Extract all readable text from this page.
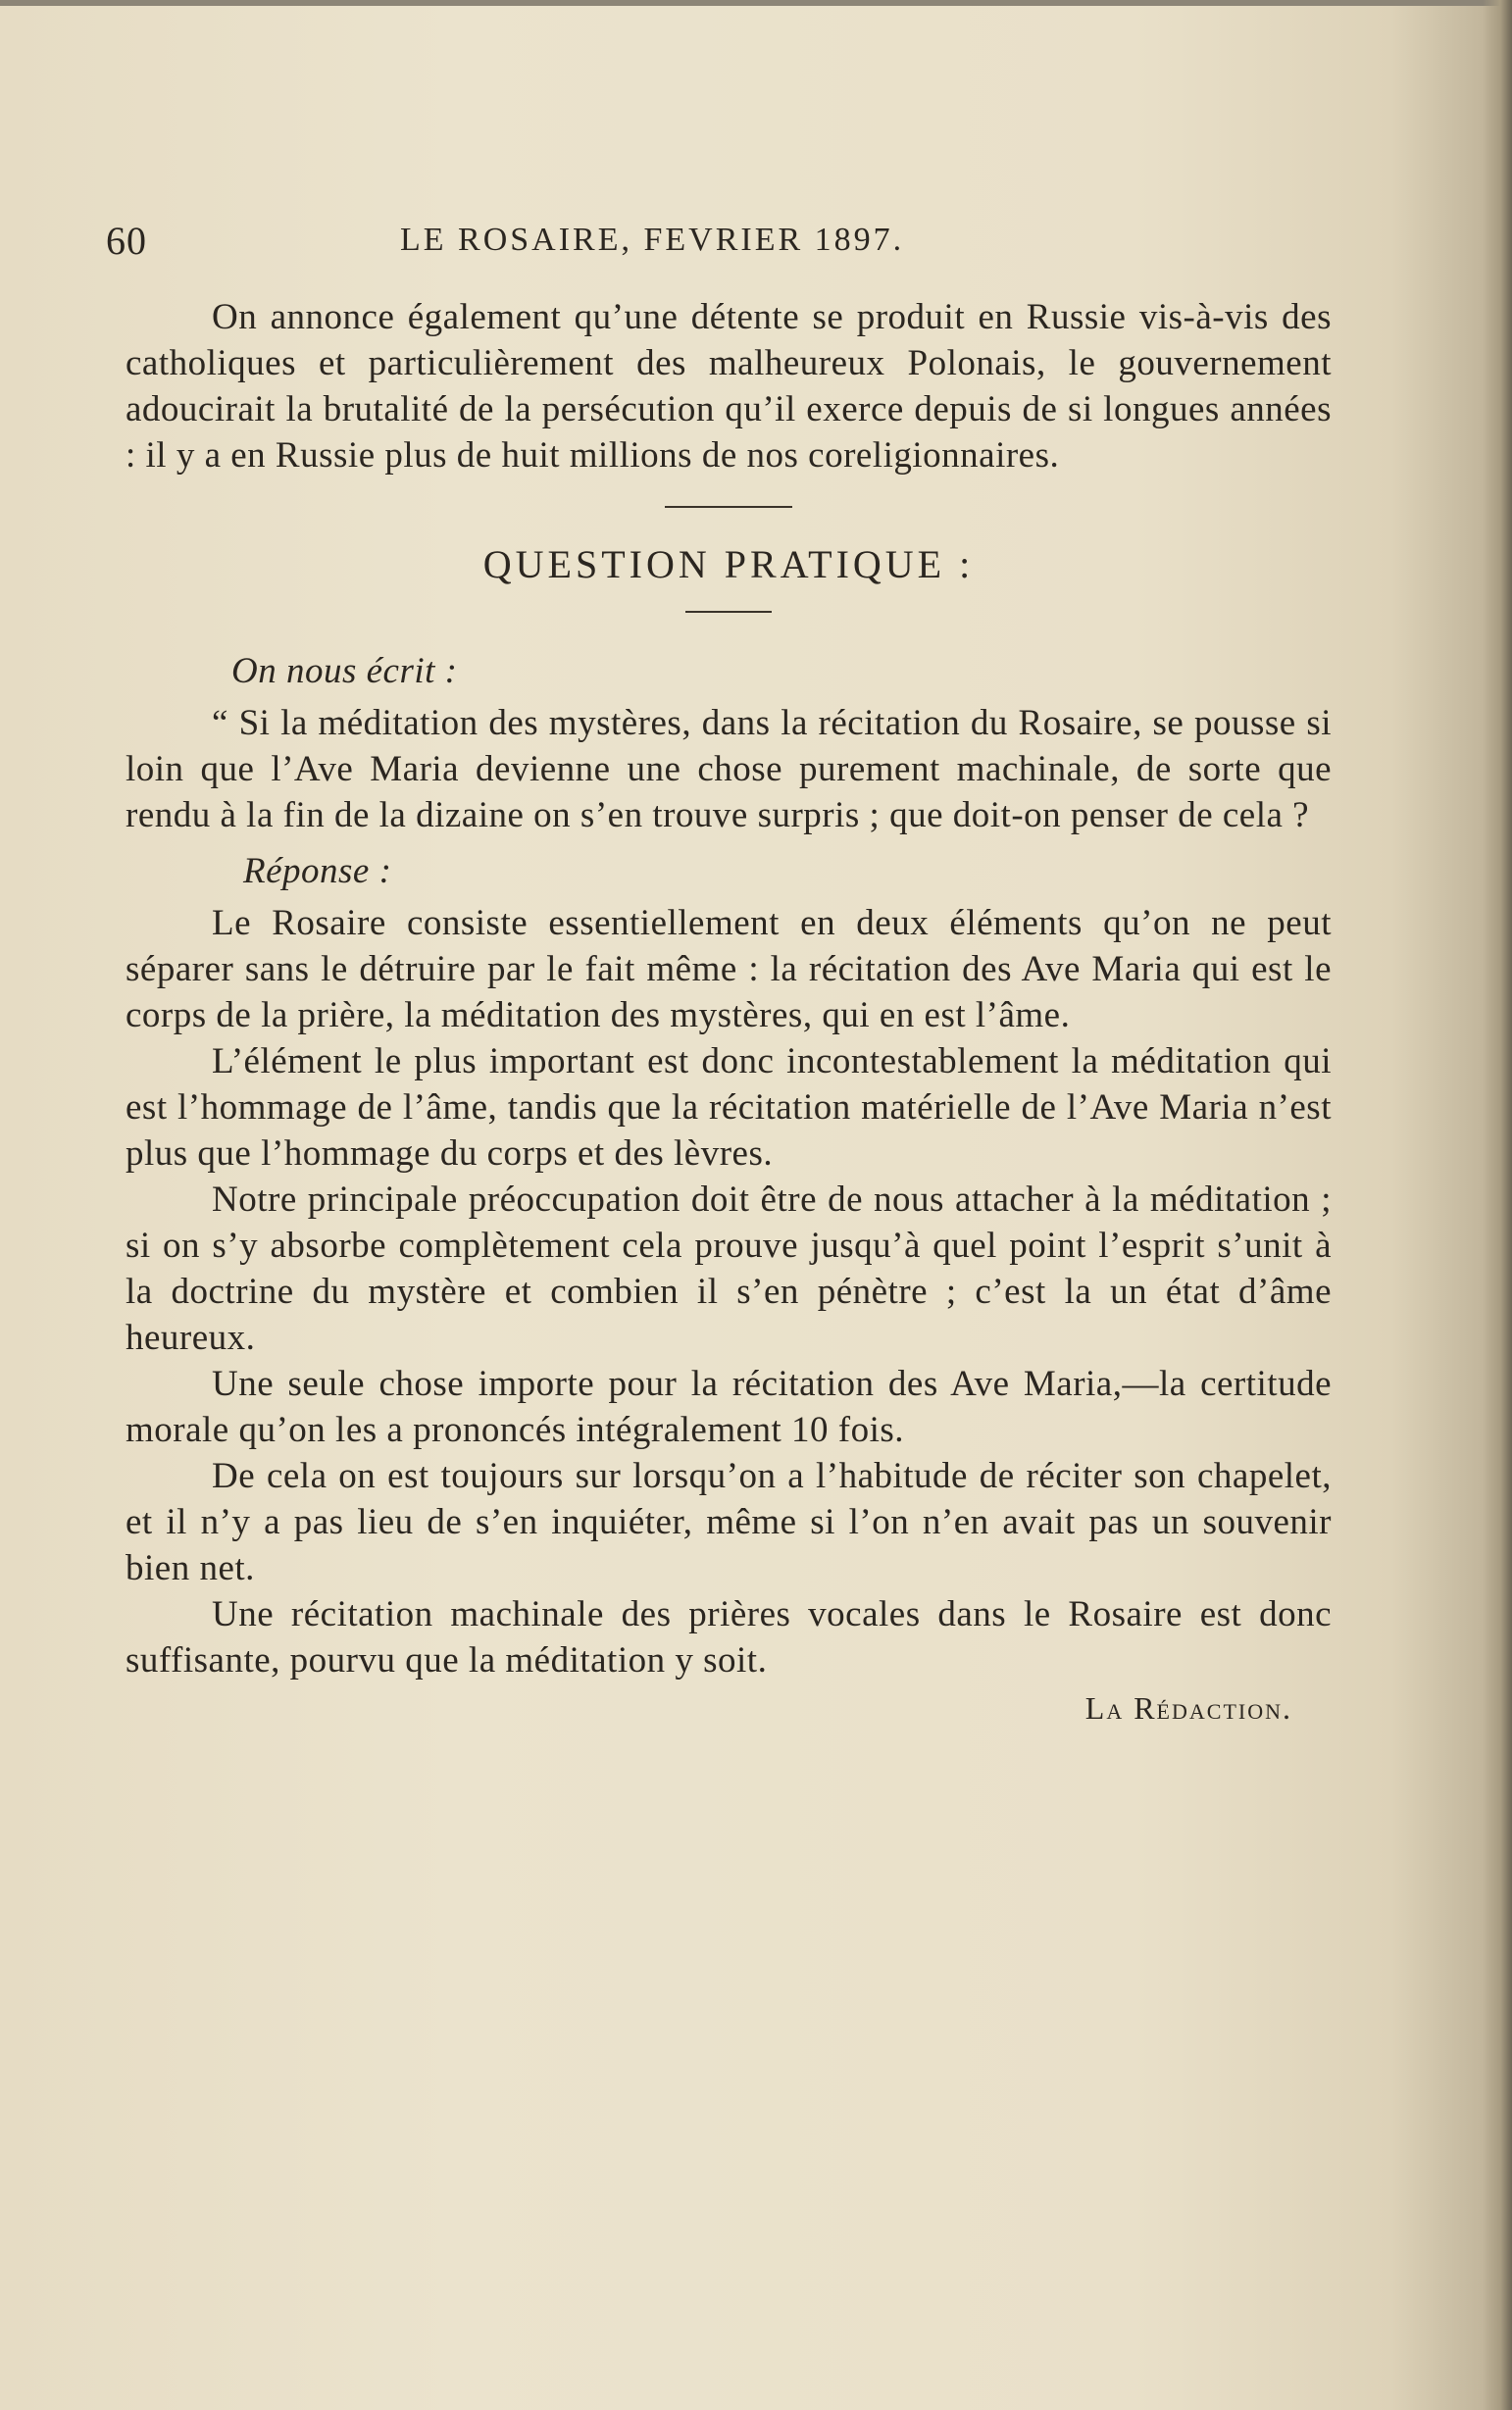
60	LE ROSAIRE, FEVRIER 1897.

On annonce également qu’une détente se produit en Russie vis-à-vis des catholiques et particulièrement des malheureux Polonais, le gouvernement adoucirait la brutalité de la persécution qu’il exerce depuis de si longues années : il y a en Russie plus de huit millions de nos coreligionnaires.

QUESTION PRATIQUE :
On nous écrit :

“ Si la méditation des mystères, dans la récitation du Rosaire, se pousse si loin que l’Ave Maria devienne une chose purement machinale, de sorte que rendu à la fin de la dizaine on s’en trouve surpris ; que doit-on penser de cela ?

Réponse :

Le Rosaire consiste essentiellement en deux éléments qu’on ne peut séparer sans le détruire par le fait même : la récitation des Ave Maria qui est le corps de la prière, la méditation des mystères, qui en est l’âme.

L’élément le plus important est donc incontestablement la méditation qui est l’hommage de l’âme, tandis que la récitation matérielle de l’Ave Maria n’est plus que l’hommage du corps et des lèvres.

Notre principale préoccupation doit être de nous attacher à la méditation ; si on s’y absorbe complètement cela prouve jusqu’à quel point l’esprit s’unit à la doctrine du mystère et combien il s’en pénètre ; c’est la un état d’âme heureux.

Une seule chose importe pour la récitation des Ave Maria,—la certitude morale qu’on les a prononcés intégralement 10 fois.

De cela on est toujours sur lorsqu’on a l’habitude de réciter son chapelet, et il n’y a pas lieu de s’en inquiéter, même si l’on n’en avait pas un souvenir bien net.

Une récitation machinale des prières vocales dans le Rosaire est donc suffisante, pourvu que la méditation y soit.

La Rédaction.
